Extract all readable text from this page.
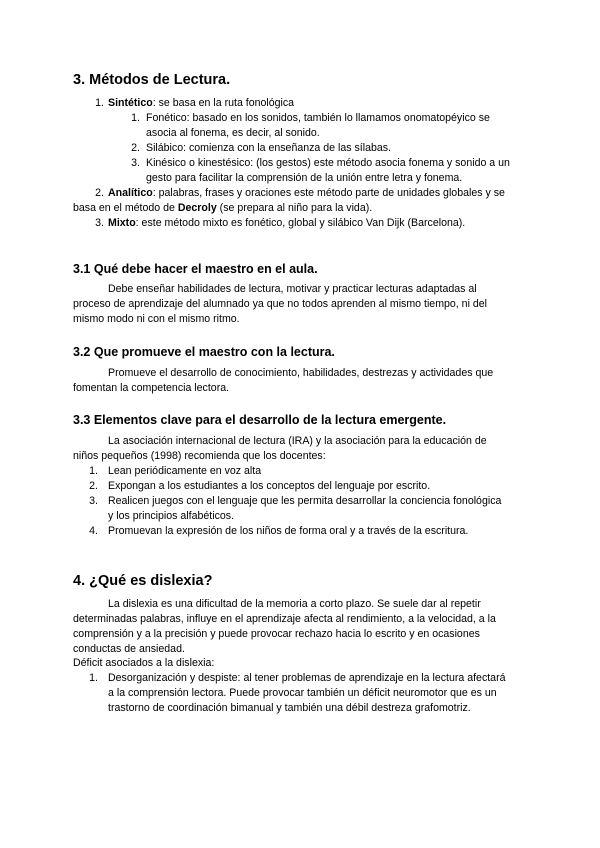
3. Métodos de Lectura.
1. Sintético: se basa en la ruta fonológica
1. Fonético: basado en los sonidos, también lo llamamos onomatopéyico se
asocia al fonema, es decir, al sonido.
2. Silábico: comienza con la enseñanza de las sílabas.
3. Kinésico o kinestésico: (los gestos) este método asocia fonema y sonido a un
gesto para facilitar la comprensión de la unión entre letra y fonema.
2. Analítico: palabras, frases y oraciones este método parte de unidades globales y se
basa en el método de Decroly (se prepara al niño para la vida).
3. Mixto: este método mixto es fonético, global y silábico Van Dijk (Barcelona).
3.1 Qué debe hacer el maestro en el aula.
Debe enseñar habilidades de lectura, motivar y practicar lecturas adaptadas al
proceso de aprendizaje del alumnado ya que no todos aprenden al mismo tiempo, ni del
mismo modo ni con el mismo ritmo.
3.2 Que promueve el maestro con la lectura.
Promueve el desarrollo de conocimiento, habilidades, destrezas y actividades que
fomentan la competencia lectora.
3.3 Elementos clave para el desarrollo de la lectura emergente.
La asociación internacional de lectura (IRA) y la asociación para la educación de
niños pequeños (1998) recomienda que los docentes:
1. Lean periódicamente en voz alta
2. Expongan a los estudiantes a los conceptos del lenguaje por escrito.
3. Realicen juegos con el lenguaje que les permita desarrollar la conciencia fonológica
y los principios alfabéticos.
4. Promuevan la expresión de los niños de forma oral y a través de la escritura.
4. ¿Qué es dislexia?
La dislexia es una dificultad de la memoria a corto plazo. Se suele dar al repetir
determinadas palabras, influye en el aprendizaje afecta al rendimiento, a la velocidad, a la
comprensión y a la precisión y puede provocar rechazo hacia lo escrito y en ocasiones
conductas de ansiedad.
Déficit asociados a la dislexia:
1. Desorganización y despiste: al tener problemas de aprendizaje en la lectura afectará
a la comprensión lectora. Puede provocar también un déficit neuromotor que es un
trastorno de coordinación bimanual y también una débil destreza grafomotriz.
